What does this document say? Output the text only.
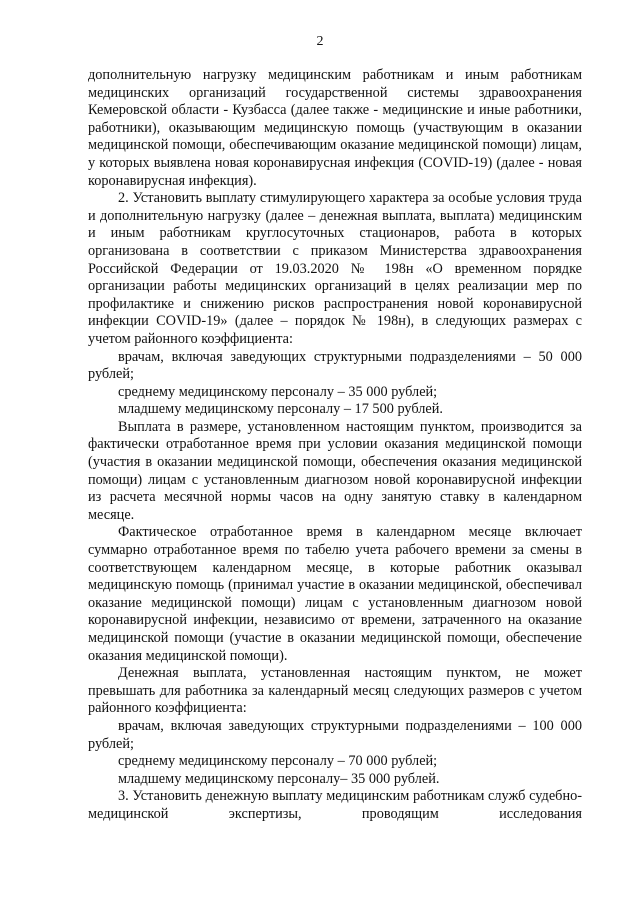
2

дополнительную нагрузку медицинским работникам и иным работникам медицинских организаций государственной системы здравоохранения Кемеровской области - Кузбасса (далее также - медицинские и иные работники, работники), оказывающим медицинскую помощь (участвующим в оказании медицинской помощи, обеспечивающим оказание медицинской помощи) лицам, у которых выявлена новая коронавирусная инфекция (COVID-19) (далее - новая коронавирусная инфекция).

2. Установить выплату стимулирующего характера за особые условия труда и дополнительную нагрузку (далее – денежная выплата, выплата) медицинским и иным работникам круглосуточных стационаров, работа в которых организована в соответствии с приказом Министерства здравоохранения Российской Федерации от 19.03.2020 № 198н «О временном порядке организации работы медицинских организаций в целях реализации мер по профилактике и снижению рисков распространения новой коронавирусной инфекции COVID-19» (далее – порядок № 198н), в следующих размерах с учетом районного коэффициента:

врачам, включая заведующих структурными подразделениями – 50 000 рублей;

среднему медицинскому персоналу – 35 000 рублей;

младшему медицинскому персоналу – 17 500 рублей.

Выплата в размере, установленном настоящим пунктом, производится за фактически отработанное время при условии оказания медицинской помощи (участия в оказании медицинской помощи, обеспечения оказания медицинской помощи) лицам с установленным диагнозом новой коронавирусной инфекции из расчета месячной нормы часов на одну занятую ставку в календарном месяце.

Фактическое отработанное время в календарном месяце включает суммарно отработанное время по табелю учета рабочего времени за смены в соответствующем календарном месяце, в которые работник оказывал медицинскую помощь (принимал участие в оказании медицинской, обеспечивал оказание медицинской помощи) лицам с установленным диагнозом новой коронавирусной инфекции, независимо от времени, затраченного на оказание медицинской помощи (участие в оказании медицинской помощи, обеспечение оказания медицинской помощи).

Денежная выплата, установленная настоящим пунктом, не может превышать для работника за календарный месяц следующих размеров с учетом районного коэффициента:

врачам, включая заведующих структурными подразделениями – 100 000 рублей;

среднему медицинскому персоналу – 70 000 рублей;

младшему медицинскому персоналу– 35 000 рублей.

3. Установить денежную выплату медицинским работникам служб судебно-медицинской экспертизы, проводящим исследования
